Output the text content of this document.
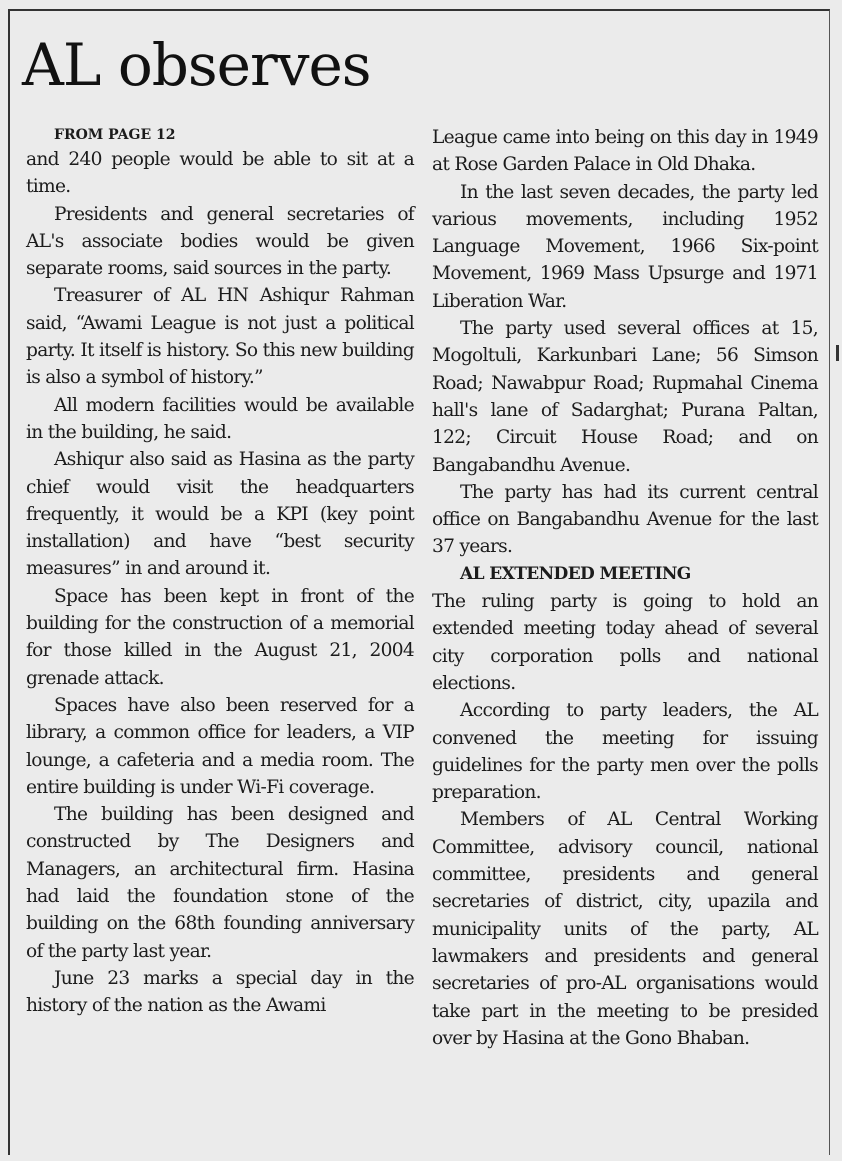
AL observes

FROM PAGE 12

and 240 people would be able to sit at a time.

Presidents and general secretaries of AL's associate bodies would be given separate rooms, said sources in the party.

Treasurer of AL HN Ashiqur Rahman said, “Awami League is not just a political party. It itself is history. So this new building is also a symbol of history.”

All modern facilities would be available in the building, he said.

Ashiqur also said as Hasina as the party chief would visit the headquarters frequently, it would be a KPI (key point installation) and have “best security measures” in and around it.

Space has been kept in front of the building for the construction of a memorial for those killed in the August 21, 2004 grenade attack.

Spaces have also been reserved for a library, a common office for leaders, a VIP lounge, a cafeteria and a media room. The entire building is under Wi-Fi coverage.

The building has been designed and constructed by The Designers and Managers, an architectural firm. Hasina had laid the foundation stone of the building on the 68th founding anniversary of the party last year.

June 23 marks a special day in the history of the nation as the Awami

League came into being on this day in 1949 at Rose Garden Palace in Old Dhaka.

In the last seven decades, the party led various movements, including 1952 Language Movement, 1966 Six-point Movement, 1969 Mass Upsurge and 1971 Liberation War.

The party used several offices at 15, Mogoltuli, Karkunbari Lane; 56 Simson Road; Nawabpur Road; Rupmahal Cinema hall's lane of Sadarghat; Purana Paltan, 122; Circuit House Road; and on Bangabandhu Avenue.

The party has had its current central office on Bangabandhu Avenue for the last 37 years.

AL EXTENDED MEETING

The ruling party is going to hold an extended meeting today ahead of several city corporation polls and national elections.

According to party leaders, the AL convened the meeting for issuing guidelines for the party men over the polls preparation.

Members of AL Central Working Committee, advisory council, national committee, presidents and general secretaries of district, city, upazila and municipality units of the party, AL lawmakers and presidents and general secretaries of pro-AL organisations would take part in the meeting to be presided over by Hasina at the Gono Bhaban.
